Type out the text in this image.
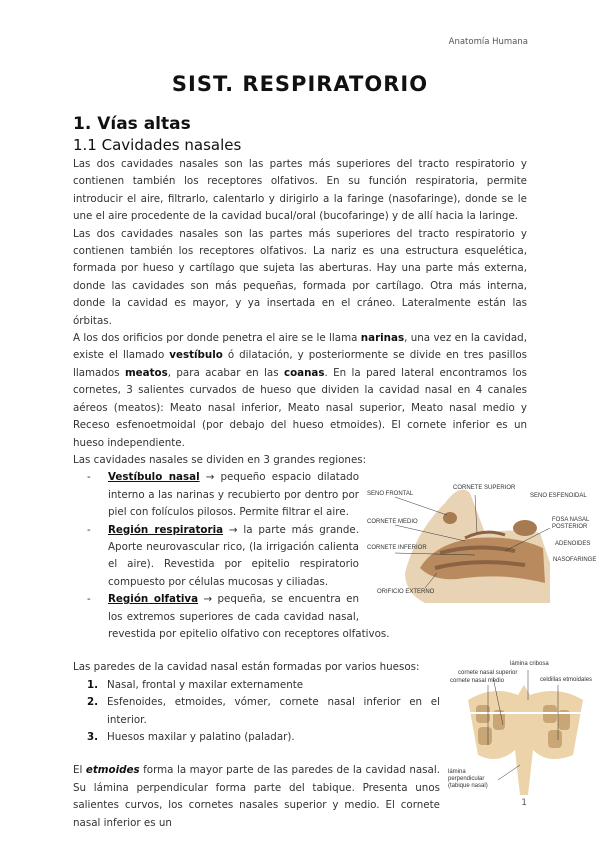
Anatomía Humana
SIST. RESPIRATORIO
1. Vías altas
1.1 Cavidades nasales

Las dos cavidades nasales son las partes más superiores del tracto respiratorio y contienen también los receptores olfativos. En su función respiratoria, permite introducir el aire, filtrarlo, calentarlo y dirigirlo a la faringe (nasofaringe), donde se le une el aire procedente de la cavidad bucal/oral (bucofaringe) y de allí hacia la laringe.

Las dos cavidades nasales son las partes más superiores del tracto respiratorio y contienen también los receptores olfativos. La nariz es una estructura esquelética, formada por hueso y cartílago que sujeta las aberturas. Hay una parte más externa, donde las cavidades son más pequeñas, formada por cartílago. Otra más interna, donde la cavidad es mayor, y ya insertada en el cráneo. Lateralmente están las órbitas.

A los dos orificios por donde penetra el aire se le llama narinas, una vez en la cavidad, existe el llamado vestíbulo ó dilatación, y posteriormente se divide en tres pasillos llamados meatos, para acabar en las coanas. En la pared lateral encontramos los cornetes, 3 salientes curvados de hueso que dividen la cavidad nasal en 4 canales aéreos (meatos): Meato nasal inferior, Meato nasal superior, Meato nasal medio y Receso esfenoetmoidal (por debajo del hueso etmoides). El cornete inferior es un hueso independiente.

Las cavidades nasales se dividen en 3 grandes regiones:

SENO FRONTAL
CORNETE SUPERIOR
SENO ESFENOIDAL
CORNETE MEDIO	FOSA NASAL POSTERIOR
CORNETE INFERIOR
ADENOIDES
NASOFARINGE
ORIFICIO EXTERNO
- Vestíbulo nasal → pequeño espacio dilatado interno a las narinas y recubierto por dentro por piel con folículos pilosos. Permite filtrar el aire.
- Región respiratoria → la parte más grande. Aporte neurovascular rico, (la irrigación calienta el aire). Revestida por epitelio respiratorio compuesto por células mucosas y ciliadas.
- Región olfativa → pequeña, se encuentra en los extremos superiores de cada cavidad nasal, revestida por epitelio olfativo con receptores olfativos.
lámina cribosa
cornete nasal superior
cornete nasal medio	celdillas etmoidales
lámina perpendicular (tabique nasal)

Las paredes de la cavidad nasal están formadas por varios huesos:

Nasal, frontal y maxilar externamente
Esfenoides, etmoides, vómer, cornete nasal inferior en el interior.
Huesos maxilar y palatino (paladar).

El etmoides forma la mayor parte de las paredes de la cavidad nasal. Su lámina perpendicular forma parte del tabique. Presenta unos salientes curvos, los cornetes nasales superior y medio. El cornete nasal inferior es un

1
